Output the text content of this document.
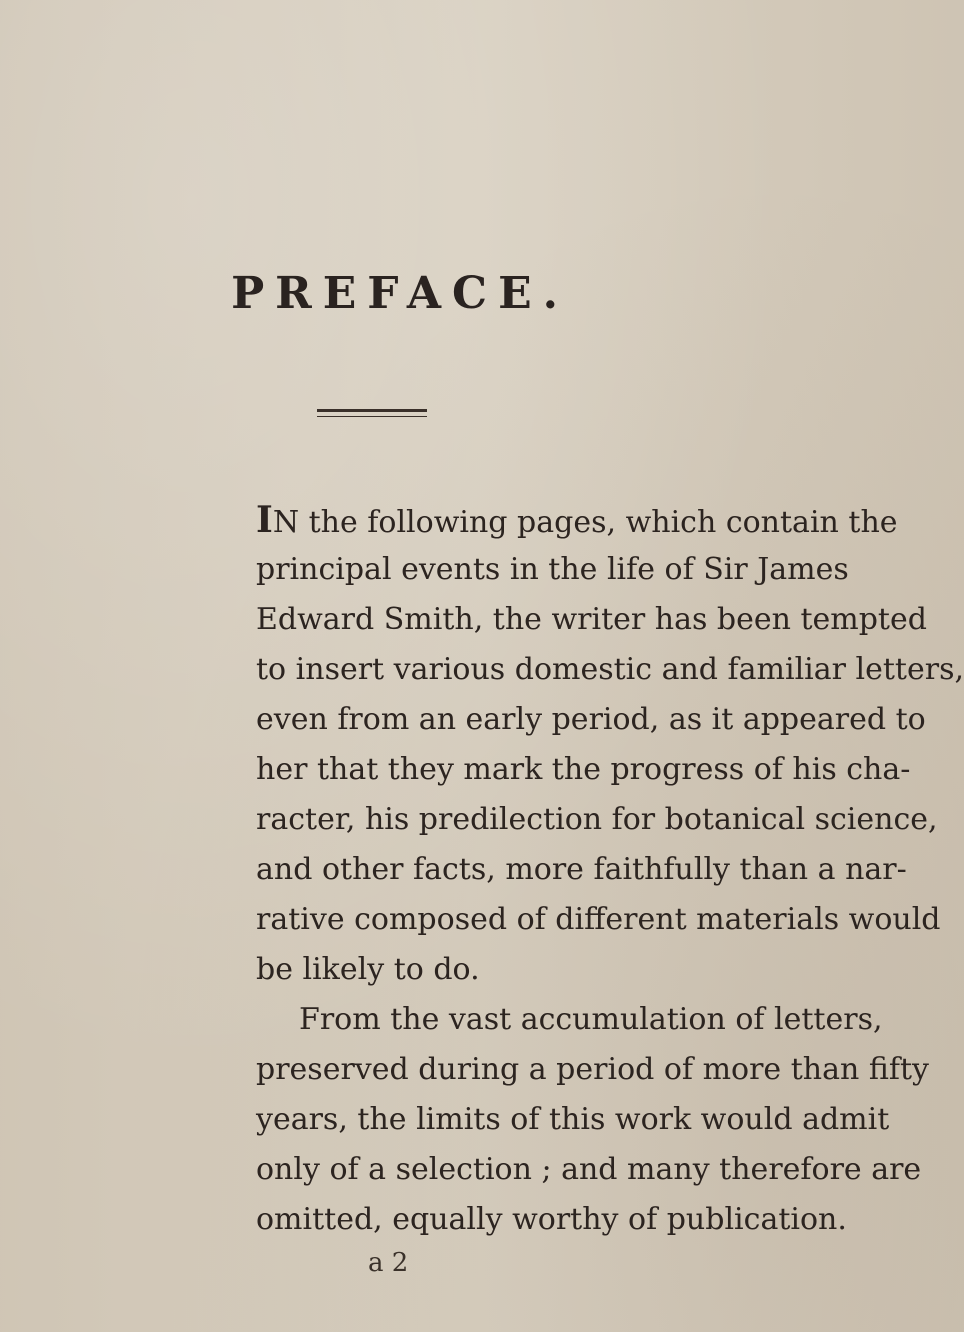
PREFACE.
IN the following pages, which contain the
principal events in the life of Sir James
Edward Smith, the writer has been tempted
to insert various domestic and familiar letters,
even from an early period, as it appeared to
her that they mark the progress of his cha-
racter, his predilection for botanical science,
and other facts, more faithfully than a nar-
rative composed of different materials would
be likely to do.
From the vast accumulation of letters,
preserved during a period of more than fifty
years, the limits of this work would admit
only of a selection ; and many therefore are
omitted, equally worthy of publication.
a 2
